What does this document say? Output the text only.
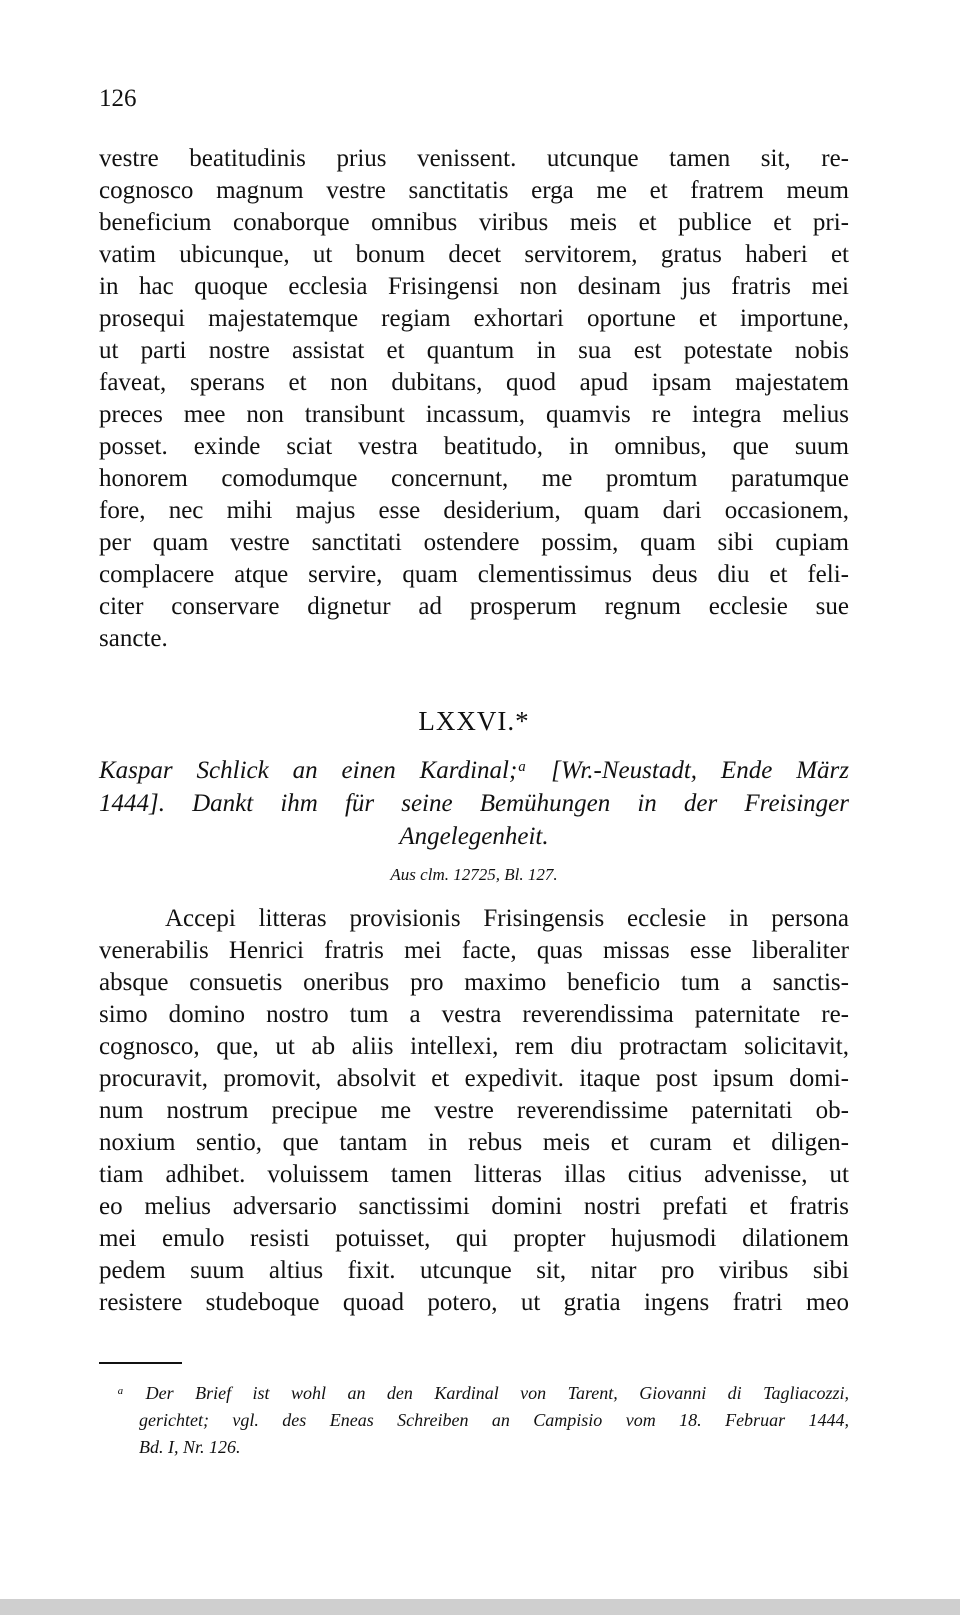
126
vestre beatitudinis prius venissent. utcunque tamen sit, re-
cognosco magnum vestre sanctitatis erga me et fratrem meum
beneficium conaborque omnibus viribus meis et publice et pri-
vatim ubicunque, ut bonum decet servitorem, gratus haberi et
in hac quoque ecclesia Frisingensi non desinam jus fratris mei
prosequi majestatemque regiam exhortari oportune et importune,
ut parti nostre assistat et quantum in sua est potestate nobis
faveat, sperans et non dubitans, quod apud ipsam majestatem
preces mee non transibunt incassum, quamvis re integra melius
posset. exinde sciat vestra beatitudo, in omnibus, que suum
honorem comodumque concernunt, me promtum paratumque
fore, nec mihi majus esse desiderium, quam dari occasionem,
per quam vestre sanctitati ostendere possim, quam sibi cupiam
complacere atque servire, quam clementissimus deus diu et feli-
citer conservare dignetur ad prosperum regnum ecclesie sue
sancte.
LXXVI.*
Kaspar Schlick an einen Kardinal;ᵃ [Wr.-Neustadt, Ende März
1444]. Dankt ihm für seine Bemühungen in der Freisinger
Angelegenheit.
Aus clm. 12725, Bl. 127.
Accepi litteras provisionis Frisingensis ecclesie in persona
venerabilis Henrici fratris mei facte, quas missas esse liberaliter
absque consuetis oneribus pro maximo beneficio tum a sanctis-
simo domino nostro tum a vestra reverendissima paternitate re-
cognosco, que, ut ab aliis intellexi, rem diu protractam solicitavit,
procuravit, promovit, absolvit et expedivit. itaque post ipsum domi-
num nostrum precipue me vestre reverendissime paternitati ob-
noxium sentio, que tantam in rebus meis et curam et diligen-
tiam adhibet. voluissem tamen litteras illas citius advenisse, ut
eo melius adversario sanctissimi domini nostri prefati et fratris
mei emulo resisti potuisset, qui propter hujusmodi dilationem
pedem suum altius fixit. utcunque sit, nitar pro viribus sibi
resistere studeboque quoad potero, ut gratia ingens fratri meo
ᵃ Der Brief ist wohl an den Kardinal von Tarent, Giovanni di Tagliacozzi,
gerichtet; vgl. des Eneas Schreiben an Campisio vom 18. Februar 1444,
Bd. I, Nr. 126.
